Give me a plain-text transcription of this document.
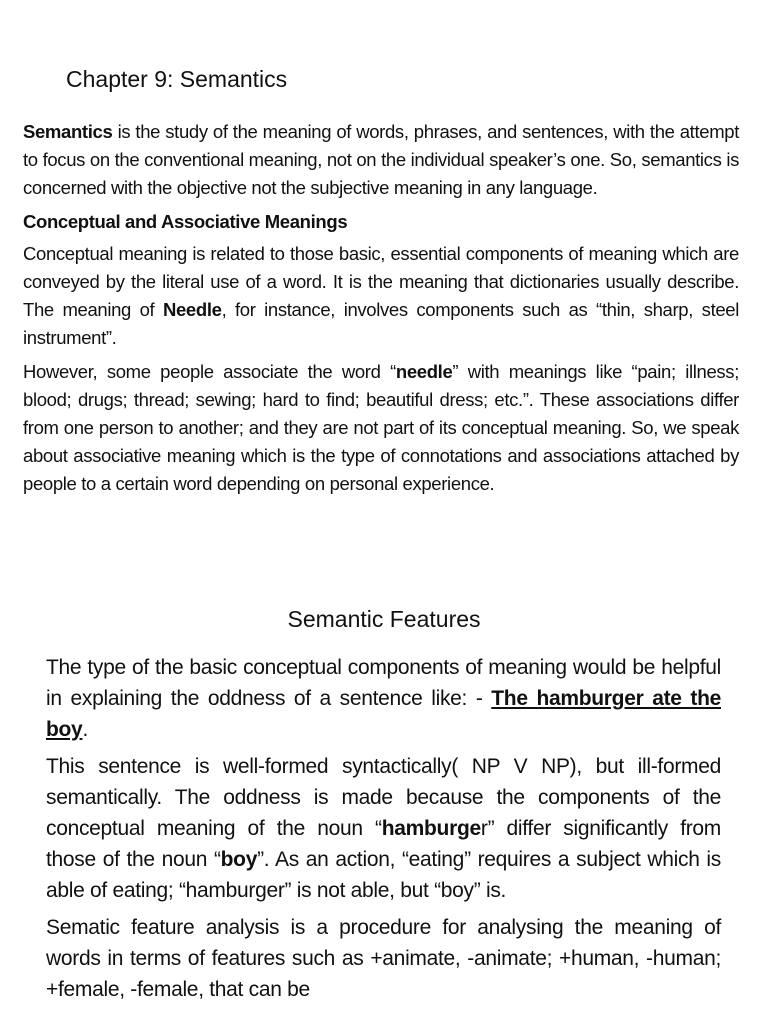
Chapter 9: Semantics

Semantics is the study of the meaning of words, phrases, and sentences, with the attempt to focus on the conventional meaning, not on the individual speaker’s one. So, semantics is concerned with the objective not the subjective meaning in any language.

Conceptual and Associative Meanings

Conceptual meaning is related to those basic, essential components of meaning which are conveyed by the literal use of a word. It is the meaning that dictionaries usually describe. The meaning of Needle, for instance, involves components such as “thin, sharp, steel instrument”.

However, some people associate the word “needle” with meanings like “pain; illness; blood; drugs; thread; sewing; hard to find; beautiful dress; etc.”. These associations differ from one person to another; and they are not part of its conceptual meaning. So, we speak about associative meaning which is the type of connotations and associations attached by people to a certain word depending on personal experience.

Semantic Features

The type of the basic conceptual components of meaning would be helpful in explaining the oddness of a sentence like: - The hamburger ate the boy.

This sentence is well-formed syntactically( NP V NP), but ill-formed semantically. The oddness is made because the components of the conceptual meaning of the noun “hamburger” differ significantly from those of the noun “boy”. As an action, “eating” requires a subject which is able of eating; “hamburger” is not able, but “boy” is.

Sematic feature analysis is a procedure for analysing the meaning of words in terms of features such as +animate, -animate; +human, -human; +female, -female, that can be
